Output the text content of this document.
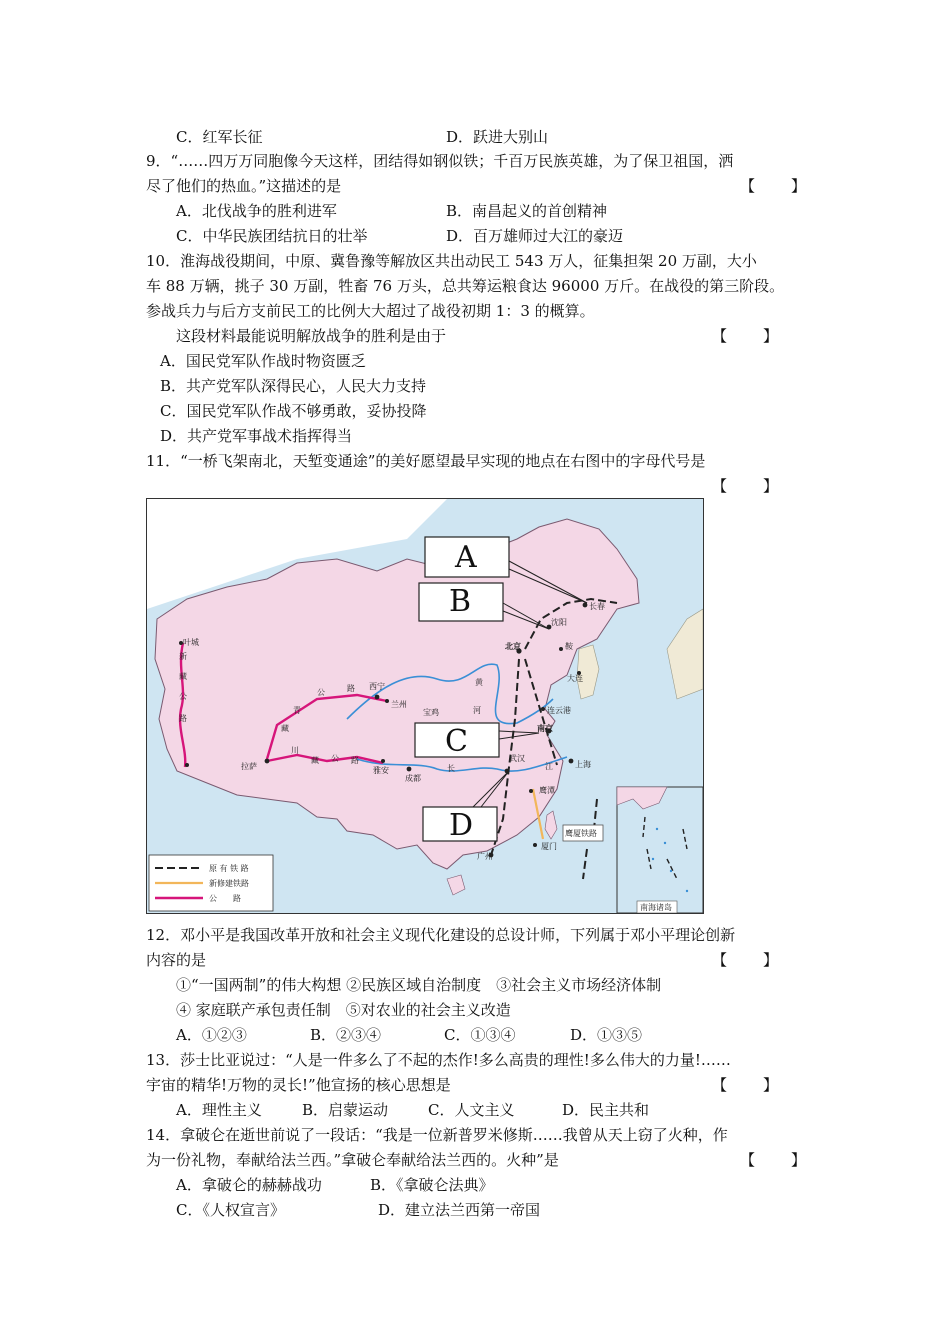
C．红军长征	D．跃进大别山
9．“……四万万同胞像今天这样，团结得如钢似铁；千百万民族英雄，为了保卫祖国，洒
尽了他们的热血。”这描述的是	【　　】
A．北伐战争的胜利进军	B．南昌起义的首创精神
C．中华民族团结抗日的壮举	D．百万雄师过大江的豪迈
10．淮海战役期间，中原、冀鲁豫等解放区共出动民工 543 万人，征集担架 20 万副，大小
车 88 万辆，挑子 30 万副，牲畜 76 万头，总共筹运粮食达 96000 万斤。在战役的第三阶段。
参战兵力与后方支前民工的比例大大超过了战役初期 1：3 的概算。
这段材料最能说明解放战争的胜利是由于	【　　】
A．国民党军队作战时物资匮乏
B．共产党军队深得民心，人民大力支持
C．国民党军队作战不够勇敢，妥协投降
D．共产党军事战术指挥得当
11．“一桥飞架南北，天堑变通途”的美好愿望最早实现的地点在右图中的字母代号是
【　　】
叶城
拉萨
西宁
兰州
雅安
成都
宝鸡
北京
长春
沈阳
鞍
大连
连云港
南京
上海
武汉
鹰潭
厦门
广州
新
藏
公
路
青
藏
公	路
川
藏 公 路
长	江
黄
河
鹰厦铁路
A
B
C
D
原 有 铁 路
新修建铁路
公　　路
南海诸岛
12．邓小平是我国改革开放和社会主义现代化建设的总设计师，下列属于邓小平理论创新
内容的是	【　　】
①“一国两制”的伟大构想 ②民族区域自治制度　③社会主义市场经济体制
④ 家庭联产承包责任制　⑤对农业的社会主义改造
A．①②③	B．②③④	C．①③④	D．①③⑤
13．莎士比亚说过：“人是一件多么了不起的杰作!多么高贵的理性!多么伟大的力量!……
宇宙的精华!万物的灵长!”他宣扬的核心思想是	【　　】
A．理性主义	B．启蒙运动	C．人文主义	D．民主共和
14．拿破仑在逝世前说了一段话：“我是一位新普罗米修斯……我曾从天上窃了火种，作
为一份礼物，奉献给法兰西。”拿破仑奉献给法兰西的。火种”是	【　　】
A．拿破仑的赫赫战功	B．《拿破仑法典》
C．《人权宣言》	D．建立法兰西第一帝国
